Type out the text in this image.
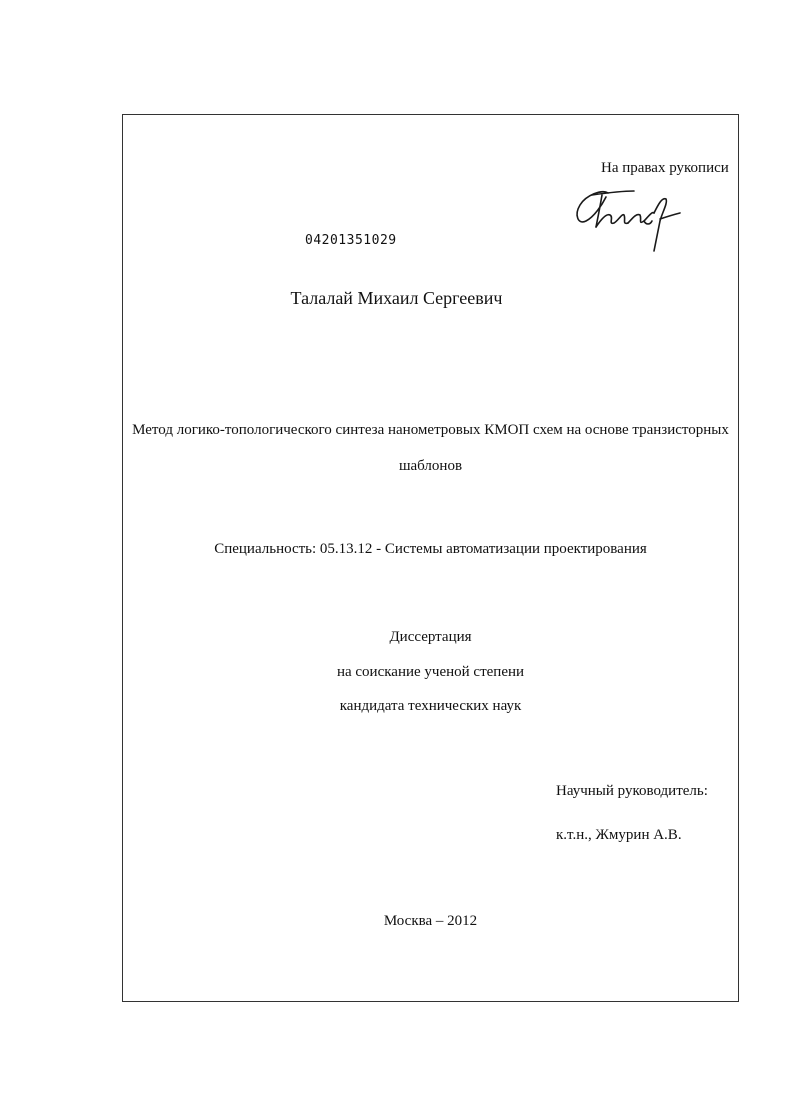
На правах рукописи
04201351029
Талалай Михаил Сергеевич
Метод логико-топологического синтеза нанометровых КМОП схем на основе транзисторных
шаблонов
Специальность: 05.13.12 - Системы автоматизации проектирования
Диссертация
на соискание ученой степени
кандидата технических наук
Научный руководитель:
к.т.н., Жмурин А.В.
Москва – 2012
